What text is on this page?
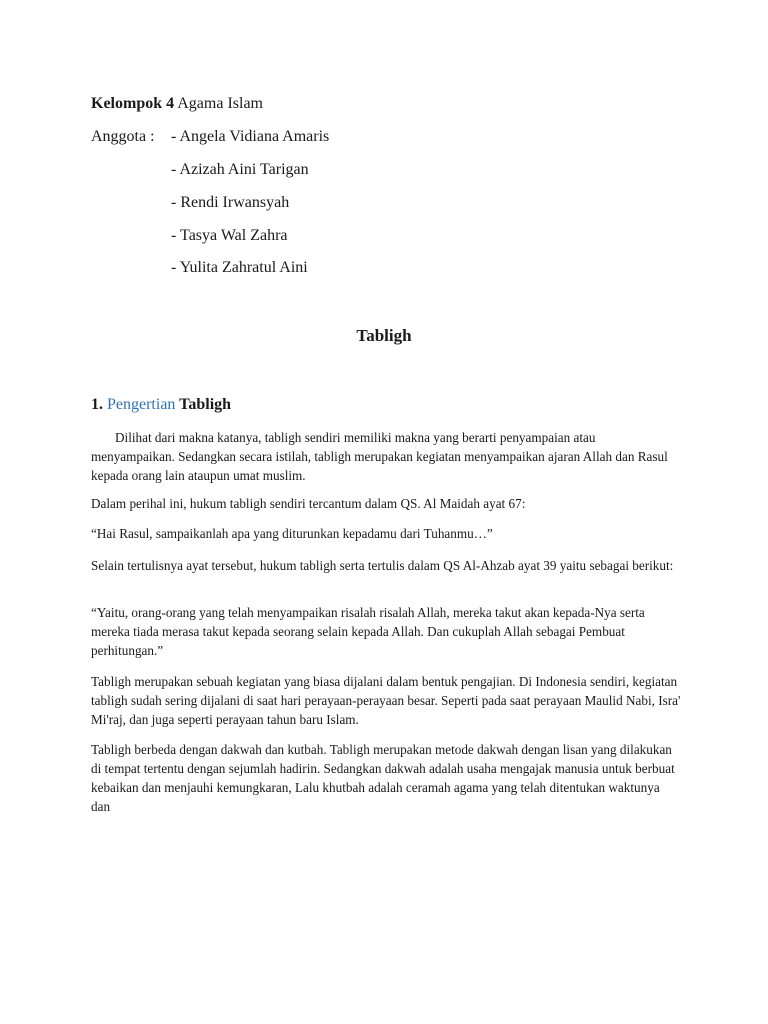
Kelompok 4 Agama Islam
Anggota : - Angela Vidiana Amaris
- Azizah Aini Tarigan
- Rendi Irwansyah
- Tasya Wal Zahra
- Yulita Zahratul Aini
Tabligh
1. Pengertian Tabligh

Dilihat dari makna katanya, tabligh sendiri memiliki makna yang berarti penyampaian atau menyampaikan. Sedangkan secara istilah, tabligh merupakan kegiatan menyampaikan ajaran Allah dan Rasul kepada orang lain ataupun umat muslim.

Dalam perihal ini, hukum tabligh sendiri tercantum dalam QS. Al Maidah ayat 67:

“Hai Rasul, sampaikanlah apa yang diturunkan kepadamu dari Tuhanmu…”

Selain tertulisnya ayat tersebut, hukum tabligh serta tertulis dalam QS Al-Ahzab ayat 39 yaitu sebagai berikut:

“Yaitu, orang-orang yang telah menyampaikan risalah risalah Allah, mereka takut akan kepada-Nya serta mereka tiada merasa takut kepada seorang selain kepada Allah. Dan cukuplah Allah sebagai Pembuat perhitungan.”

Tabligh merupakan sebuah kegiatan yang biasa dijalani dalam bentuk pengajian. Di Indonesia sendiri, kegiatan tabligh sudah sering dijalani di saat hari perayaan-perayaan besar. Seperti pada saat perayaan Maulid Nabi, Isra' Mi'raj, dan juga seperti perayaan tahun baru Islam.

Tabligh berbeda dengan dakwah dan kutbah. Tabligh merupakan metode dakwah dengan lisan yang dilakukan di tempat tertentu dengan sejumlah hadirin. Sedangkan dakwah adalah usaha mengajak manusia untuk berbuat kebaikan dan menjauhi kemungkaran, Lalu khutbah adalah ceramah agama yang telah ditentukan waktunya dan
